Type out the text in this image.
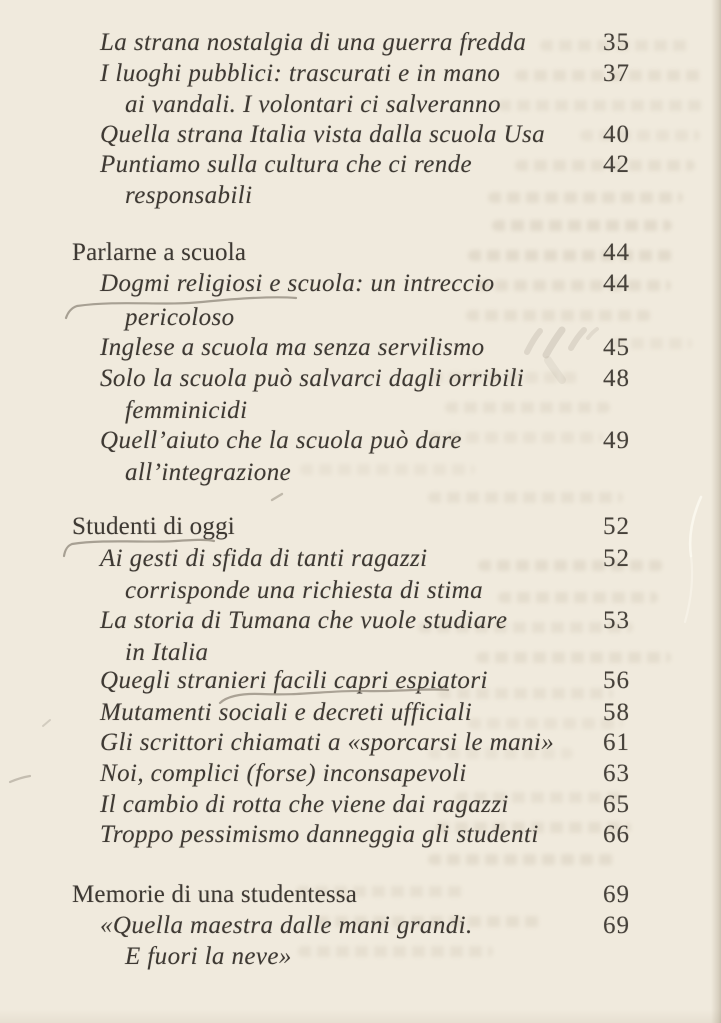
La strana nostalgia di una guerra fredda	35
I luoghi pubblici: trascurati e in mano	37
ai vandali. I volontari ci salveranno
Quella strana Italia vista dalla scuola Usa	40
Puntiamo sulla cultura che ci rende	42
responsabili
Parlarne a scuola	44
Dogmi religiosi e scuola: un intreccio	44
pericoloso
Inglese a scuola ma senza servilismo	45
Solo la scuola può salvarci dagli orribili	48
femminicidi
Quell’aiuto che la scuola può dare	49
all’integrazione
Studenti di oggi	52
Ai gesti di sfida di tanti ragazzi	52
corrisponde una richiesta di stima
La storia di Tumana che vuole studiare	53
in Italia
Quegli stranieri facili capri espiatori	56
Mutamenti sociali e decreti ufficiali	58
Gli scrittori chiamati a «sporcarsi le mani»	61
Noi, complici (forse) inconsapevoli	63
Il cambio di rotta che viene dai ragazzi	65
Troppo pessimismo danneggia gli studenti	66
Memorie di una studentessa	69
«Quella maestra dalle mani grandi.	69
E fuori la neve»
